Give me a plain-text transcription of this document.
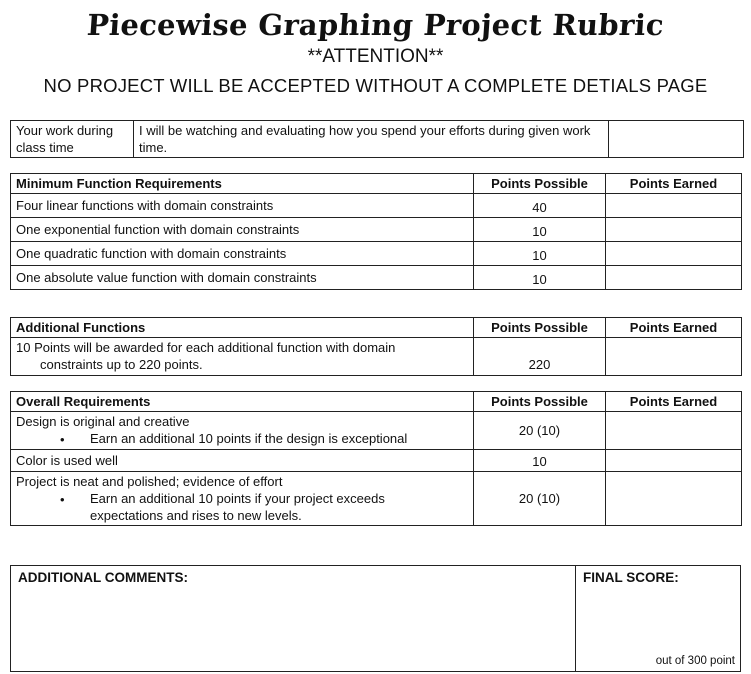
Piecewise Graphing Project Rubric
**ATTENTION**
NO PROJECT WILL BE ACCEPTED WITHOUT A COMPLETE DETIALS PAGE
Your work during class time	I will be watching and evaluating how you spend your efforts during given work time.	
Minimum Function Requirements	Points Possible	Points Earned
Four linear functions with domain constraints	40	
One exponential function with domain constraints	10	
One quadratic function with domain constraints	10	
One absolute value function with domain constraints	10	
Additional Functions	Points Possible	Points Earned
10 Points will be awarded for each additional function with domain

constraints up to 220 points.	220	
Overall Requirements	Points Possible	Points Earned
Design is original and creative

• Earn an additional 10 points if the design is exceptional	20 (10)	
Color is used well	10	
Project is neat and polished; evidence of effort

• Earn an additional 10 points if your project exceeds
expectations and rises to new levels.	20 (10)	
ADDITIONAL COMMENTS:	FINAL SCORE:
out of 300 point
